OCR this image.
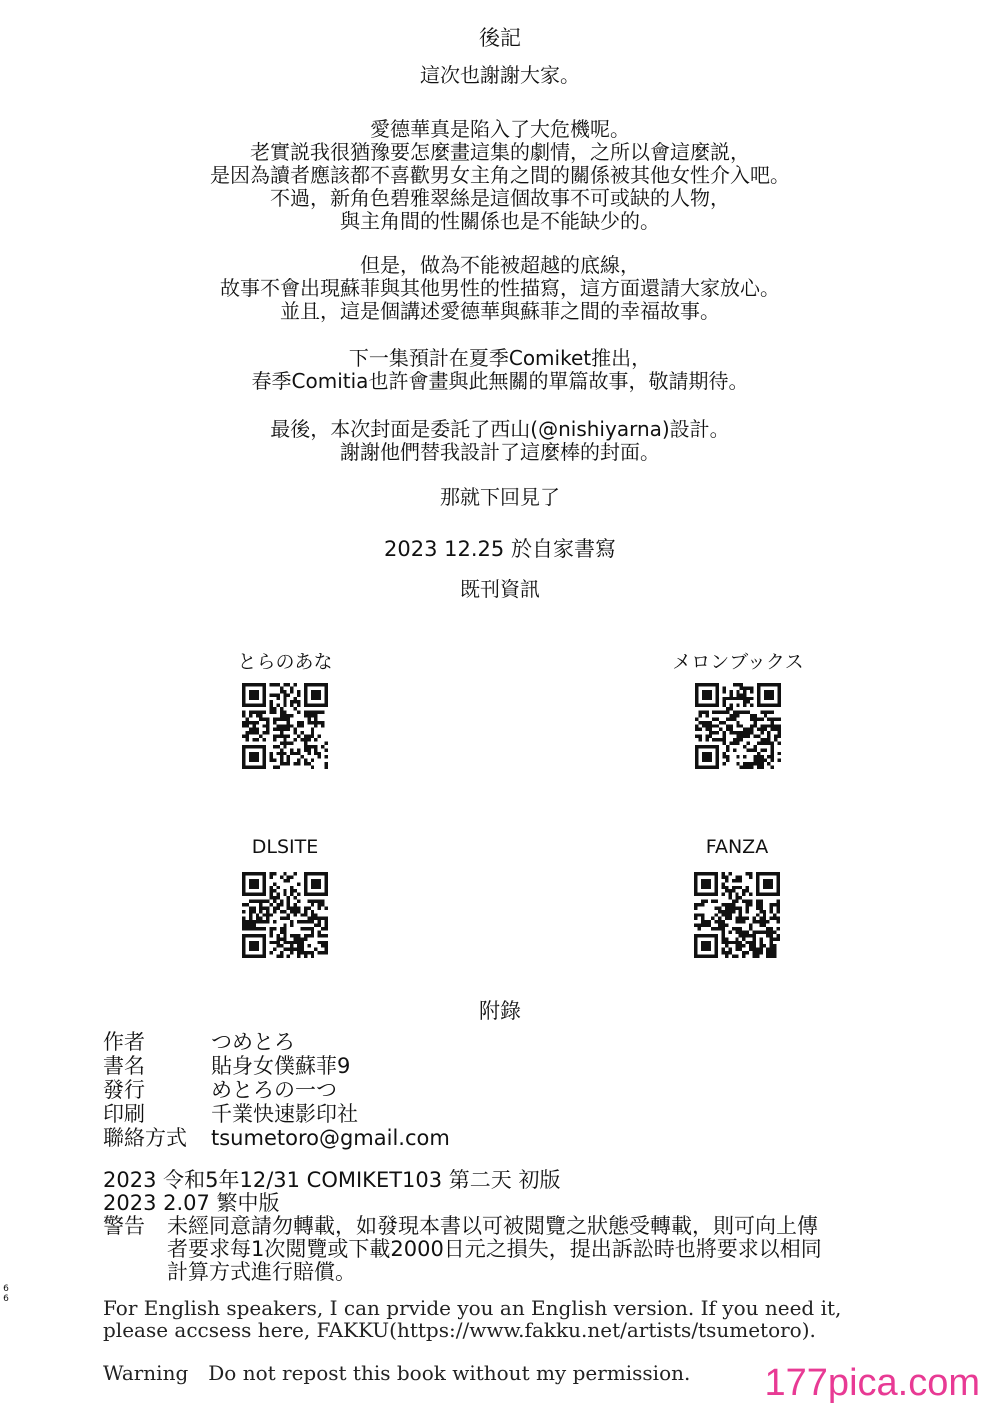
後記
這次也謝謝大家。
愛德華真是陷入了大危機呢。
老實説我很猶豫要怎麼畫這集的劇情，之所以會這麼説，
是因為讀者應該都不喜歡男女主角之間的關係被其他女性介入吧。
不過，新角色碧雅翠絲是這個故事不可或缺的人物，
與主角間的性關係也是不能缺少的。
但是，做為不能被超越的底線，
故事不會出現蘇菲與其他男性的性描寫，這方面還請大家放心。
並且，這是個講述愛德華與蘇菲之間的幸福故事。
下一集預計在夏季Comiket推出，
春季Comitia也許會畫與此無關的單篇故事，敬請期待。
最後，本次封面是委託了西山(@nishiyarna)設計。
謝謝他們替我設計了這麼棒的封面。
那就下回見了
2023 12.25 於自家書寫
既刊資訊
とらのあな	メロンブックス
DLSITE	FANZA
附錄
作者	つめとろ
書名	貼身女僕蘇菲9
發行	めとろの一つ
印刷	千業快速影印社
聯絡方式	tsumetoro@gmail.com
2023 令和5年12/31 COMIKET103 第二天 初版
2023 2.07 繁中版
警告	未經同意請勿轉載，如發現本書以可被閲覽之狀態受轉載，則可向上傳
者要求每1次閲覽或下載2000日元之損失，提出訴訟時也將要求以相同
計算方式進行賠償。
For English speakers, I can prvide you an English version. If you need it,
please accsess here, FAKKU(https://www.fakku.net/artists/tsumetoro).
Warning Do not repost this book without my permission.
6
6
177pica.com
